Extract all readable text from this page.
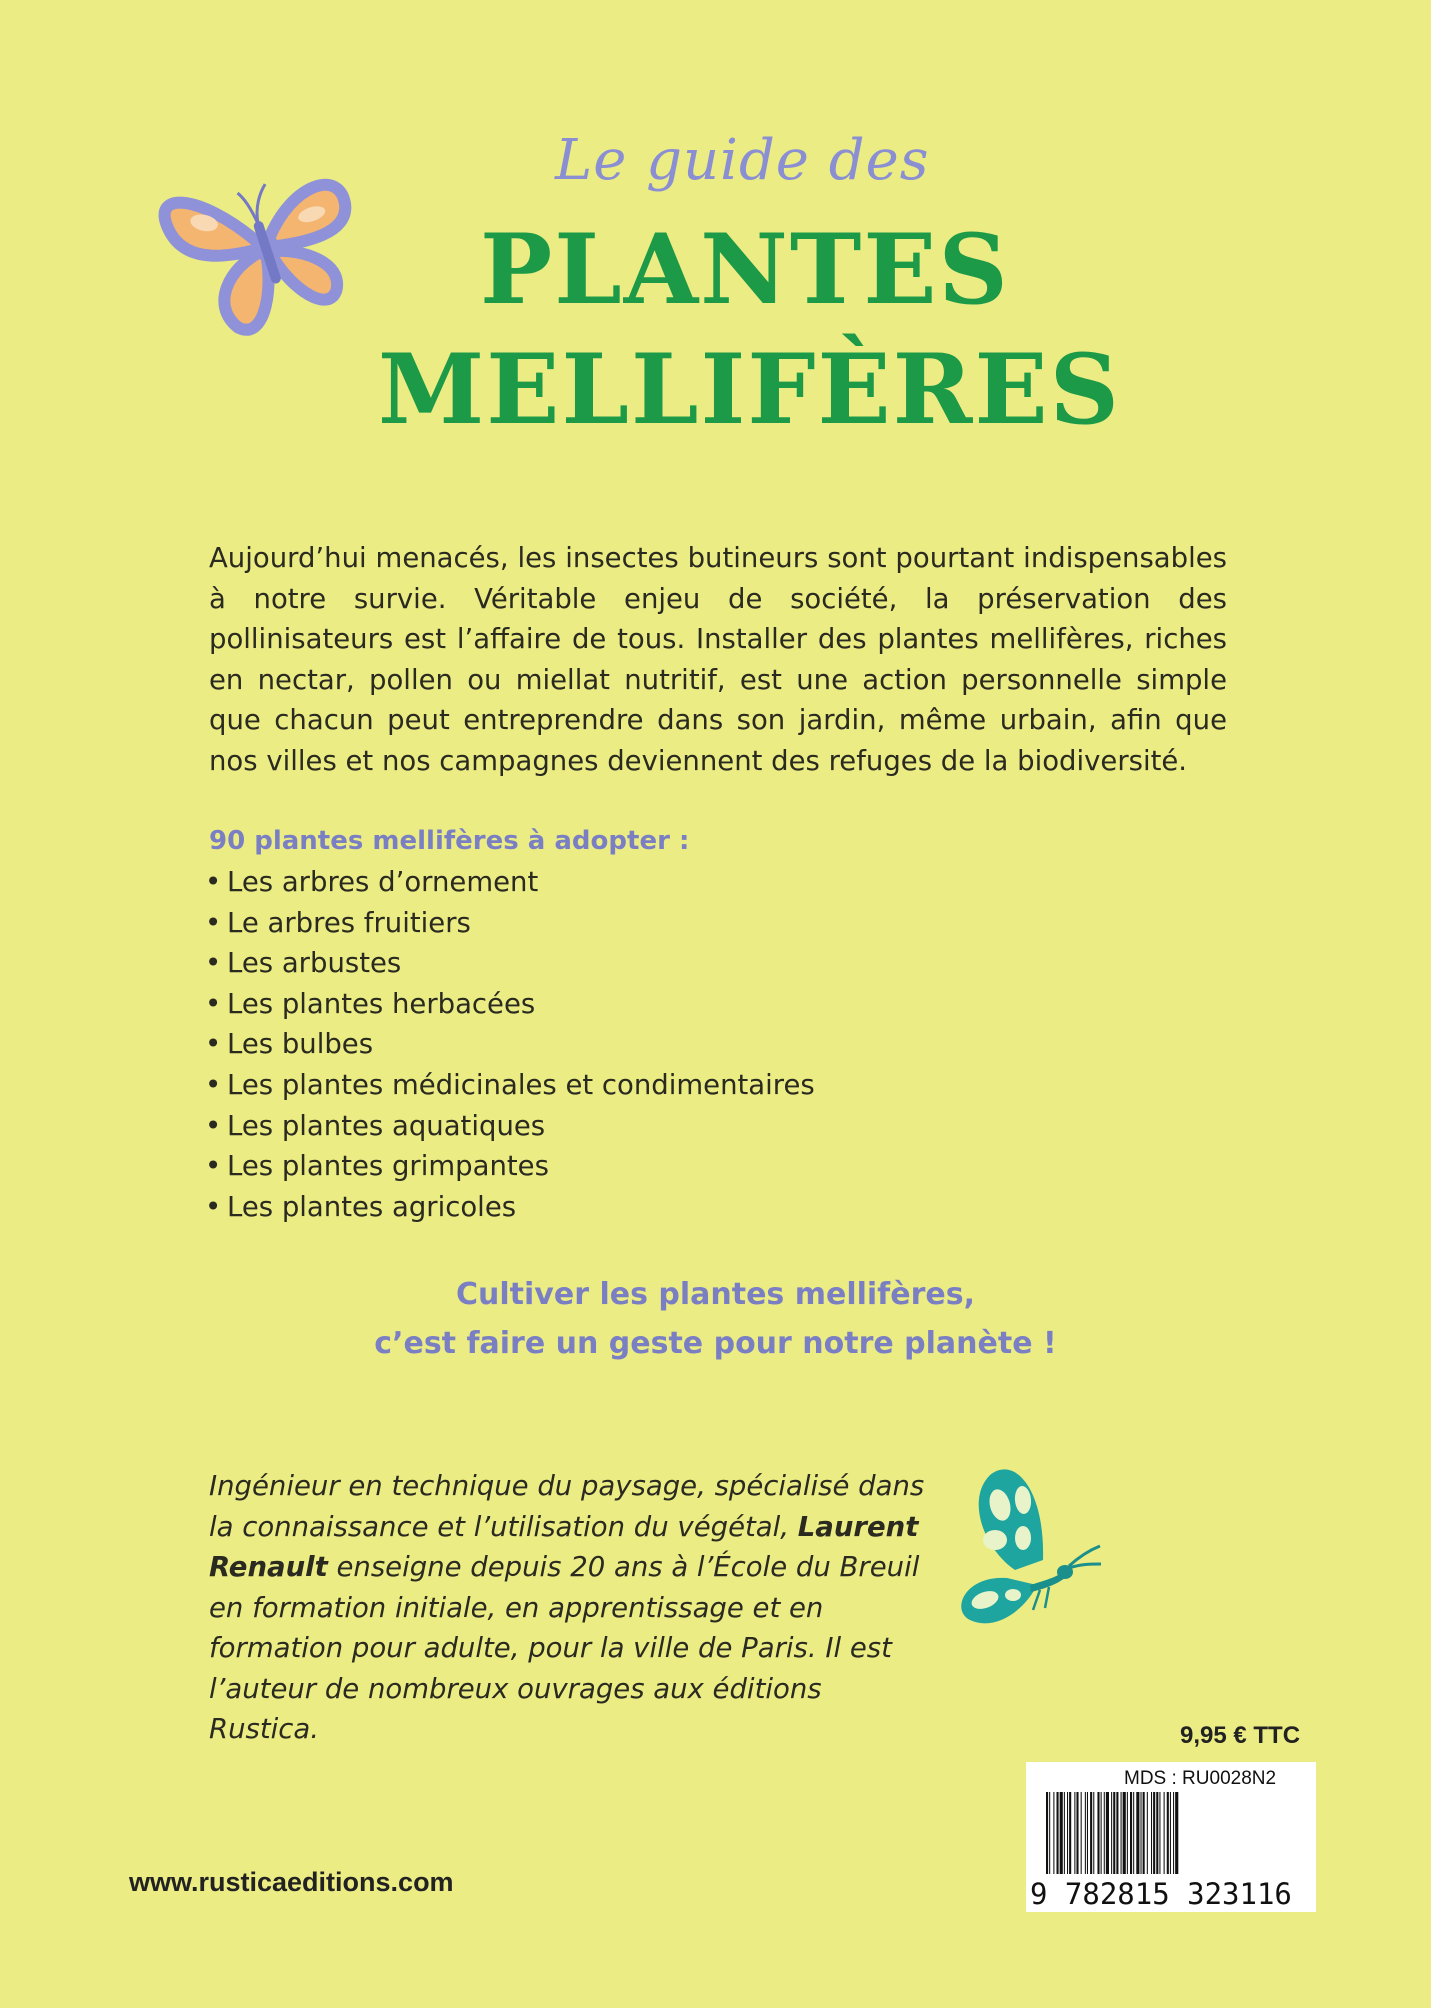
Le guide des
PLANTES
MELLIFÈRES

Aujourd’hui menacés, les insectes butineurs sont pourtant indispensables à notre survie. Véritable enjeu de société, la préservation des pollinisateurs est l’affaire de tous. Installer des plantes mellifères, riches en nectar, pollen ou miellat nutritif, est une action personnelle simple que chacun peut entreprendre dans son jardin, même urbain, afin que nos villes et nos campagnes deviennent des refuges de la biodiversité.

90 plantes mellifères à adopter :
• Les arbres d’ornement
• Le arbres fruitiers
• Les arbustes
• Les plantes herbacées
• Les bulbes
• Les plantes médicinales et condimentaires
• Les plantes aquatiques
• Les plantes grimpantes
• Les plantes agricoles
Cultiver les plantes mellifères,
c’est faire un geste pour notre planète !

Ingénieur en technique du paysage, spécialisé dans la connaissance et l’utilisation du végétal, Laurent Renault enseigne depuis 20 ans à l’École du Breuil en formation initiale, en apprentissage et en formation pour adulte, pour la ville de Paris. Il est l’auteur de nombreux ouvrages aux éditions Rustica.	9,95 € TTC
MDS : RU0028N2
9 782815 323116
www.rusticaeditions.com
